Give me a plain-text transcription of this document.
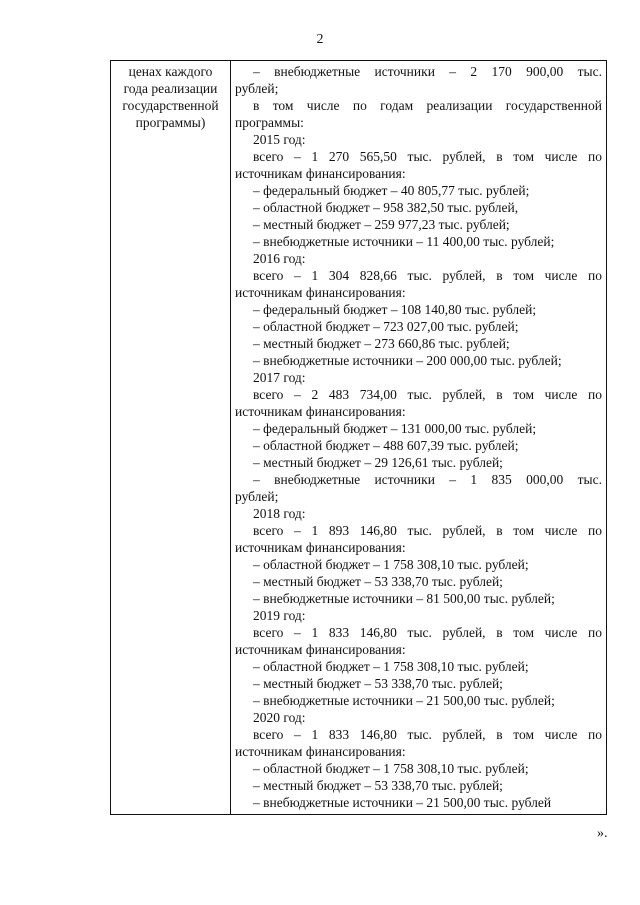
2
ценах каждого
года реализации
государственной
программы)

– внебюджетные источники – 2 170 900,00 тыс.
рублей;
в том числе по годам реализации государственной
программы:
2015 год:
всего – 1 270 565,50 тыс. рублей, в том числе по
источникам финансирования:
– федеральный бюджет – 40 805,77 тыс. рублей;
– областной бюджет – 958 382,50 тыс. рублей,
– местный бюджет – 259 977,23 тыс. рублей;
– внебюджетные источники – 11 400,00 тыс. рублей;
2016 год:
всего – 1 304 828,66 тыс. рублей, в том числе по
источникам финансирования:
– федеральный бюджет – 108 140,80 тыс. рублей;
– областной бюджет – 723 027,00 тыс. рублей;
– местный бюджет – 273 660,86 тыс. рублей;
– внебюджетные источники – 200 000,00 тыс. рублей;
2017 год:
всего – 2 483 734,00 тыс. рублей, в том числе по
источникам финансирования:
– федеральный бюджет – 131 000,00 тыс. рублей;
– областной бюджет – 488 607,39 тыс. рублей;
– местный бюджет – 29 126,61 тыс. рублей;
– внебюджетные источники – 1 835 000,00 тыс.
рублей;
2018 год:
всего – 1 893 146,80 тыс. рублей, в том числе по
источникам финансирования:
– областной бюджет – 1 758 308,10 тыс. рублей;
– местный бюджет – 53 338,70 тыс. рублей;
– внебюджетные источники – 81 500,00 тыс. рублей;
2019 год:
всего – 1 833 146,80 тыс. рублей, в том числе по
источникам финансирования:
– областной бюджет – 1 758 308,10 тыс. рублей;
– местный бюджет – 53 338,70 тыс. рублей;
– внебюджетные источники – 21 500,00 тыс. рублей;
2020 год:
всего – 1 833 146,80 тыс. рублей, в том числе по
источникам финансирования:
– областной бюджет – 1 758 308,10 тыс. рублей;
– местный бюджет – 53 338,70 тыс. рублей;
– внебюджетные источники – 21 500,00 тыс. рублей
».
